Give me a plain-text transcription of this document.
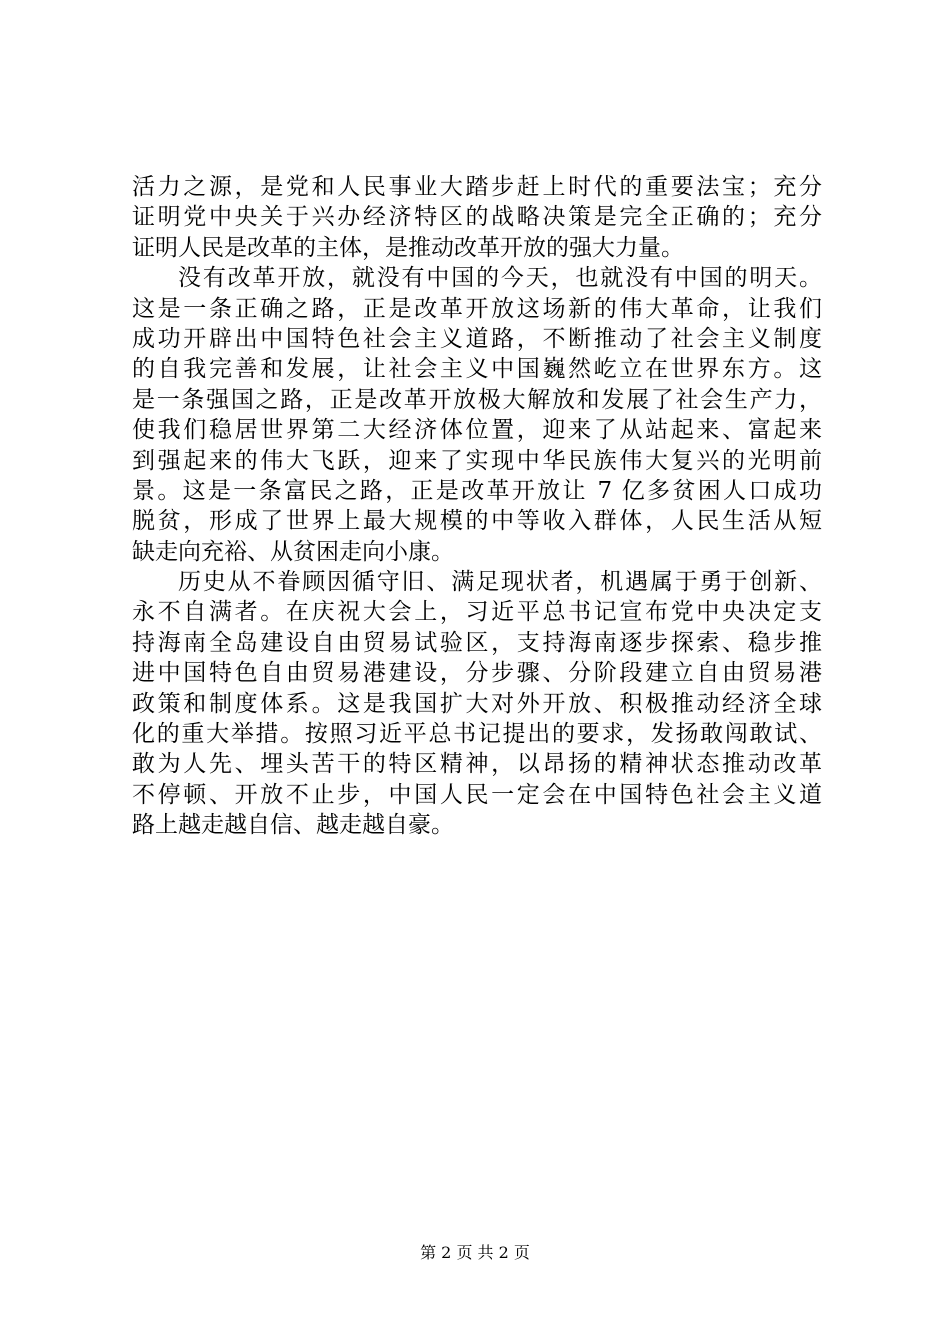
活力之源，是党和人民事业大踏步赶上时代的重要法宝；充分
证明党中央关于兴办经济特区的战略决策是完全正确的；充分
证明人民是改革的主体，是推动改革开放的强大力量。
没有改革开放，就没有中国的今天，也就没有中国的明天。
这是一条正确之路，正是改革开放这场新的伟大革命，让我们
成功开辟出中国特色社会主义道路，不断推动了社会主义制度
的自我完善和发展，让社会主义中国巍然屹立在世界东方。这
是一条强国之路，正是改革开放极大解放和发展了社会生产力，
使我们稳居世界第二大经济体位置，迎来了从站起来、富起来
到强起来的伟大飞跃，迎来了实现中华民族伟大复兴的光明前
景。这是一条富民之路，正是改革开放让 7 亿多贫困人口成功
脱贫，形成了世界上最大规模的中等收入群体，人民生活从短
缺走向充裕、从贫困走向小康。
历史从不眷顾因循守旧、满足现状者，机遇属于勇于创新、
永不自满者。在庆祝大会上，习近平总书记宣布党中央决定支
持海南全岛建设自由贸易试验区，支持海南逐步探索、稳步推
进中国特色自由贸易港建设，分步骤、分阶段建立自由贸易港
政策和制度体系。这是我国扩大对外开放、积极推动经济全球
化的重大举措。按照习近平总书记提出的要求，发扬敢闯敢试、
敢为人先、埋头苦干的特区精神，以昂扬的精神状态推动改革
不停顿、开放不止步，中国人民一定会在中国特色社会主义道
路上越走越自信、越走越自豪。
第 2 页 共 2 页
